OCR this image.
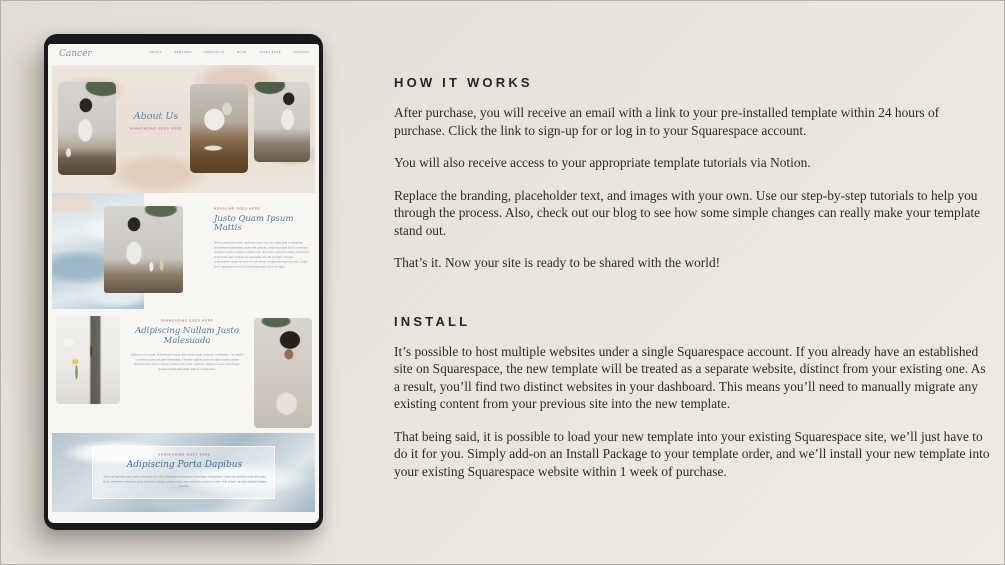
Cancer	ABOUT SERVICES PORTFOLIO BLOG SALES PAGE CONTACT
About Us
SUBHEADING GOES HERE
HEADLINE GOES HERE
Justo Quam Ipsum Mattis
Sed ut perspiciatis unde omnis iste natus error sit voluptatem accusantium doloremque laudantium, totam rem aperiam, eaque ipsa quae ab illo inventore veritatis et quasi architecto beatae vitae dicta sunt explicabo. Nemo enim ipsam voluptatem quia voluptas sit aspernatur aut odit aut fugit, sed quia consequuntur magni dolores eos qui ratione voluptatem sequi nesciunt, neque porro quisquam est qui dolorem ipsum quia dolor sit amet.
SUBHEADING GOES HERE
Adipiscing Nullam Justo Malesuada
Aenean eu leo quam. Pellentesque ornare sem lacinia quam venenatis vestibulum. Cras mattis consectetur purus sit amet fermentum. Vivamus sagittis lacus vel augue laoreet rutrum faucibus dolor auctor. Integer posuere erat a ante venenatis dapibus posuere velit aliquet. Aenean lacinia bibendum nulla sed consectetur.
SUBHEADING GOES HERE
Adipiscing Porta Dapibus
Sed ut perspiciatis unde omnis iste natus error sit voluptatem accusantium doloremque laudantium, totam rem aperiam eaque ipsa quae ab illo inventore veritatis et quasi architecto. Integer posuere erat a ante venenatis dapibus posuere velit aliquet curabitur blandit tempus porttitor.
HOW IT WORKS

After purchase, you will receive an email with a link to your pre-installed template within 24 hours of purchase. Click the link to sign-up for or log in to your Squarespace account.

You will also receive access to your appropriate template tutorials via Notion.

Replace the branding, placeholder text, and images with your own. Use our step-by-step tutorials to help you through the process. Also, check out our blog to see how some simple changes can really make your template stand out.

That’s it. Now your site is ready to be shared with the world!

INSTALL

It’s possible to host multiple websites under a single Squarespace account. If you already have an established site on Squarespace, the new template will be treated as a separate website, distinct from your existing one. As a result, you’ll find two distinct websites in your dashboard. This means you’ll need to manually migrate any existing content from your previous site into the new template.

That being said, it is possible to load your new template into your existing Squarespace site, we’ll just have to do it for you. Simply add-on an Install Package to your template order, and we’ll install your new template into your existing Squarespace website within 1 week of purchase.
